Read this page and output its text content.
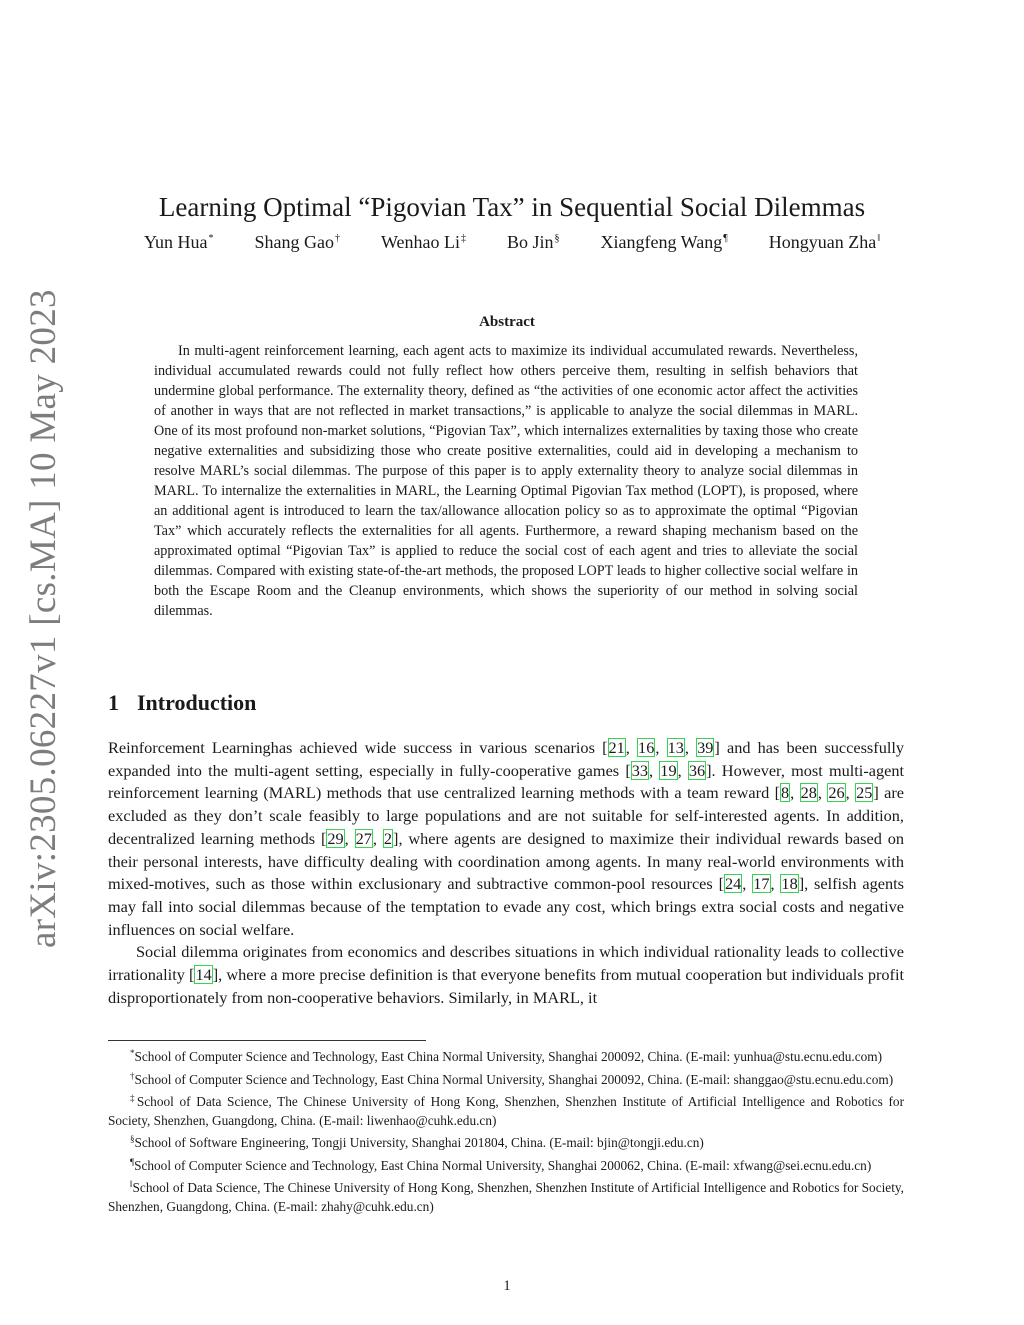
arXiv:2305.06227v1 [cs.MA] 10 May 2023
Learning Optimal “Pigovian Tax” in Sequential Social Dilemmas
Yun Hua* Shang Gao† Wenhao Li‡ Bo Jin§ Xiangfeng Wang¶ Hongyuan Zha‖
Abstract
In multi-agent reinforcement learning, each agent acts to maximize its individual accumulated rewards. Nevertheless, individual accumulated rewards could not fully reflect how others perceive them, resulting in selfish behaviors that undermine global performance. The externality theory, defined as “the activities of one economic actor affect the activities of another in ways that are not reflected in market transactions,” is applicable to analyze the social dilemmas in MARL. One of its most profound non-market solutions, “Pigovian Tax”, which internalizes externalities by taxing those who create negative externalities and subsidizing those who create positive externalities, could aid in developing a mechanism to resolve MARL’s social dilemmas. The purpose of this paper is to apply externality theory to analyze social dilemmas in MARL. To internalize the externalities in MARL, the Learning Optimal Pigovian Tax method (LOPT), is proposed, where an additional agent is introduced to learn the tax/allowance allocation policy so as to approximate the optimal “Pigovian Tax” which accurately reflects the externalities for all agents. Furthermore, a reward shaping mechanism based on the approximated optimal “Pigovian Tax” is applied to reduce the social cost of each agent and tries to alleviate the social dilemmas. Compared with existing state-of-the-art methods, the proposed LOPT leads to higher collective social welfare in both the Escape Room and the Cleanup environments, which shows the superiority of our method in solving social dilemmas.
1 Introduction

Reinforcement Learninghas achieved wide success in various scenarios [21, 16, 13, 39] and has been successfully expanded into the multi-agent setting, especially in fully-cooperative games [33, 19, 36]. However, most multi-agent reinforcement learning (MARL) methods that use centralized learning methods with a team reward [8, 28, 26, 25] are excluded as they don’t scale feasibly to large populations and are not suitable for self-interested agents. In addition, decentralized learning methods [29, 27, 2], where agents are designed to maximize their individual rewards based on their personal interests, have difficulty dealing with coordination among agents. In many real-world environments with mixed-motives, such as those within exclusionary and subtractive common-pool resources [24, 17, 18], selfish agents may fall into social dilemmas because of the temptation to evade any cost, which brings extra social costs and negative influences on social welfare.

Social dilemma originates from economics and describes situations in which individual rationality leads to collective irrationality [14], where a more precise definition is that everyone benefits from mutual cooperation but individuals profit disproportionately from non-cooperative behaviors. Similarly, in MARL, it

*School of Computer Science and Technology, East China Normal University, Shanghai 200092, China. (E-mail: yunhua@stu.ecnu.edu.com)

†School of Computer Science and Technology, East China Normal University, Shanghai 200092, China. (E-mail: shanggao@stu.ecnu.edu.com)

‡School of Data Science, The Chinese University of Hong Kong, Shenzhen, Shenzhen Institute of Artificial Intelligence and Robotics for Society, Shenzhen, Guangdong, China. (E-mail: liwenhao@cuhk.edu.cn)

§School of Software Engineering, Tongji University, Shanghai 201804, China. (E-mail: bjin@tongji.edu.cn)

¶School of Computer Science and Technology, East China Normal University, Shanghai 200062, China. (E-mail: xfwang@sei.ecnu.edu.cn)

‖School of Data Science, The Chinese University of Hong Kong, Shenzhen, Shenzhen Institute of Artificial Intelligence and Robotics for Society, Shenzhen, Guangdong, China. (E-mail: zhahy@cuhk.edu.cn)

1
